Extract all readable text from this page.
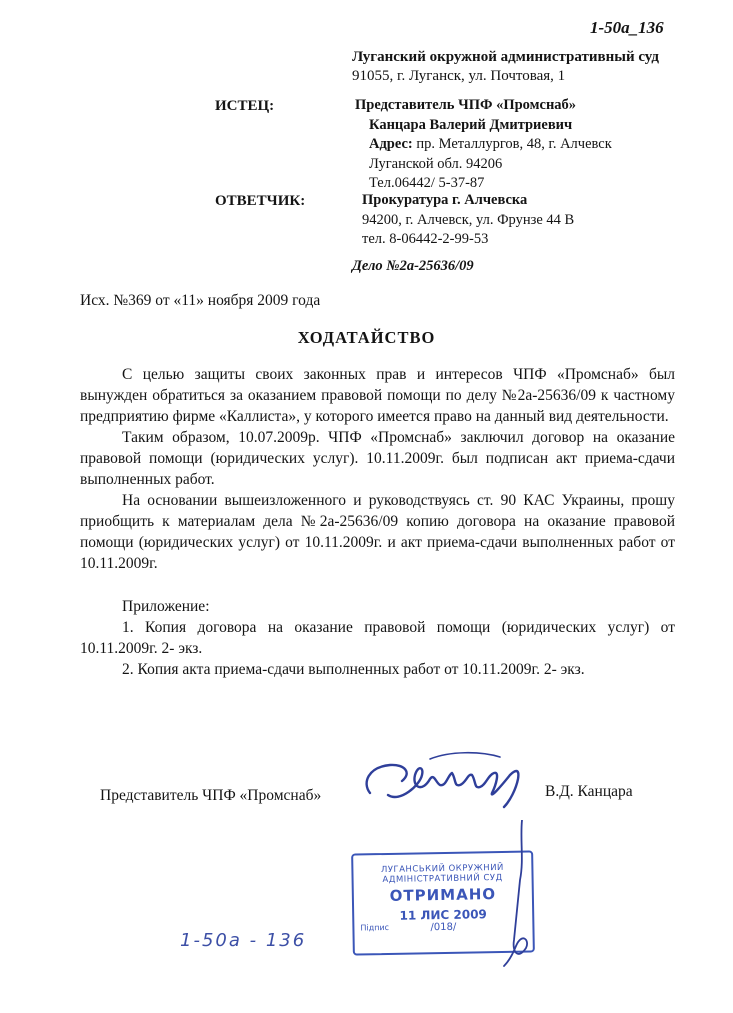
1-50а_136
Луганский окружной административный суд
91055, г. Луганск, ул. Почтовая, 1
ИСТЕЦ:	Представитель ЧПФ «Промснаб»
Канцара Валерий Дмитриевич
Адрес: пр. Металлургов, 48, г. Алчевск
Луганской обл. 94206
Тел.06442/ 5-37-87
ОТВЕТЧИК:	Прокуратура г. Алчевска
94200, г. Алчевск, ул. Фрунзе 44 В
тел. 8-06442-2-99-53
Дело №2а-25636/09
Исх. №369 от «11» ноября 2009 года
ХОДАТАЙСТВО

С целью защиты своих законных прав и интересов ЧПФ «Промснаб» был вынужден обратиться за оказанием правовой помощи по делу №2а-25636/09 к частному предприятию фирме «Каллиста», у которого имеется право на данный вид деятельности.

Таким образом, 10.07.2009р. ЧПФ «Промснаб» заключил договор на оказание правовой помощи (юридических услуг). 10.11.2009г. был подписан акт приема-сдачи выполненных работ.

На основании вышеизложенного и руководствуясь ст. 90 КАС Украины, прошу приобщить к материалам дела №2а-25636/09 копию договора на оказание правовой помощи (юридических услуг) от 10.11.2009г. и акт приема-сдачи выполненных работ от 10.11.2009г.

Приложение:

1. Копия договора на оказание правовой помощи (юридических услуг) от 10.11.2009г. 2- экз.

2. Копия акта приема-сдачи выполненных работ от 10.11.2009г. 2- экз.

Представитель ЧПФ «Промснаб»	В.Д. Канцара
ЛУГАНСЬКИЙ ОКРУЖНИЙ
АДМІНІСТРАТИВНИЙ СУД
ОТРИМАНО
11 ЛИС 2009
/018/
Підпис
1-50а - 136
